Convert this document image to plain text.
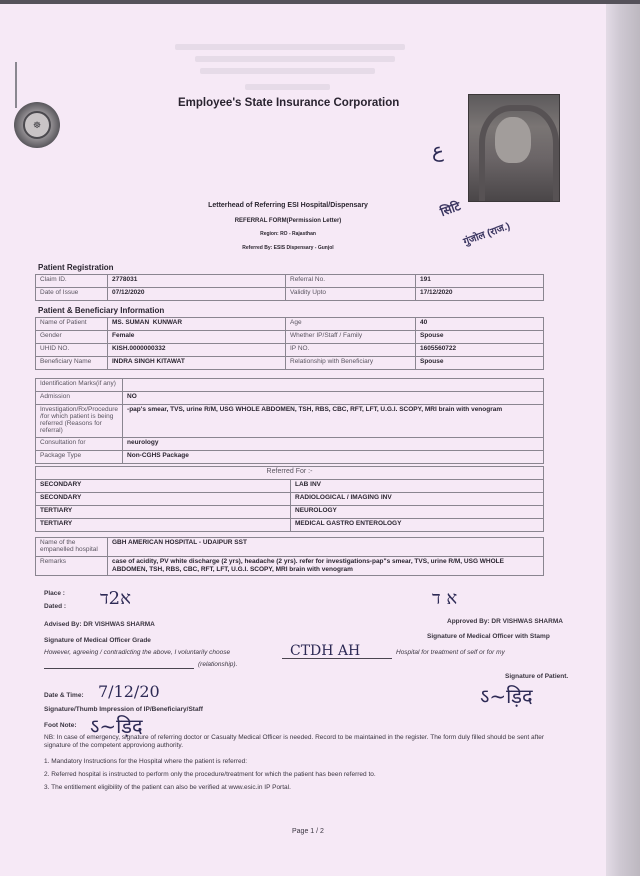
☸
Employee's State Insurance Corporation
Letterhead of Referring ESI Hospital/Dispensary
REFERRAL FORM(Permission Letter)
Region: RO - Rajasthan
Referred By: ESIS Dispensary - Gunjol
ﻉ
सिटि
गुंजोल (राज.)
Patient Registration
Claim ID.	2778031	Referral No.	191
Date of Issue	07/12/2020	Validity Upto	17/12/2020
Patient & Beneficiary Information
Name of Patient	MS. SUMAN  KUNWAR	Age	40
Gender	Female	Whether IP/Staff / Family	Spouse
UHID NO.	KISH.0000000332	IP NO.	1605560722
Beneficiary Name	INDRA SINGH KITAWAT	Relationship with Beneficiary	Spouse
Identification Marks(if any)	
Admission	NO
Investigation/Rx/Procedure /for which patient is being referred (Reasons for referral)	-pap's smear, TVS, urine R/M, USG WHOLE ABDOMEN, TSH, RBS, CBC, RFT, LFT, U.G.I. SCOPY, MRI brain with venogram
Consultation for	neurology
Package Type	Non-CGHS Package
Referred For :-	
SECONDARY	LAB INV
SECONDARY	RADIOLOGICAL / IMAGING INV
TERTIARY	NEUROLOGY
TERTIARY	MEDICAL GASTRO ENTEROLOGY
Name of the empanelled hospital	GBH AMERICAN HOSPITAL - UDAIPUR SST
Remarks	case of acidity, PV white discharge (2 yrs), headache (2 yrs). refer for investigations-pap"s smear, TVS, urine R/M, USG WHOLE ABDOMEN, TSH, RBS, CBC, RFT, LFT, U.G.I. SCOPY, MRI brain with venogram
Place :
Dated : ﬡ2ﬢ
Advised By: DR VISHWAS SHARMA
Signature of Medical Officer Grade
However, agreeing / contradicting the above, I voluntarily choose	CTDH AH	Hospital for treatment of self or for my
(relationship).
ﬡ ﬢ
Approved By: DR VISHWAS SHARMA
Signature of Medical Officer with Stamp
Signature of Patient.
ऽ~ड़िद
Date & Time: 7/12/20
Signature/Thumb Impression of IP/Beneficiary/Staff
Foot Note: ऽ~ड़िद
NB: In case of emergency, signature of referring doctor or Casualty Medical Officer is needed. Record to be maintained in the register. The form duly filled should be sent after signature of the competent approviong authority.
1. Mandatory Instructions for the Hospital where the patient is referred:
2. Referred hospital is instructed to perform only the procedure/treatment for which the patient has been referred to.
3. The entitlement eligibility of the patient can also be verified at www.esic.in IP Portal.
Page 1 / 2
